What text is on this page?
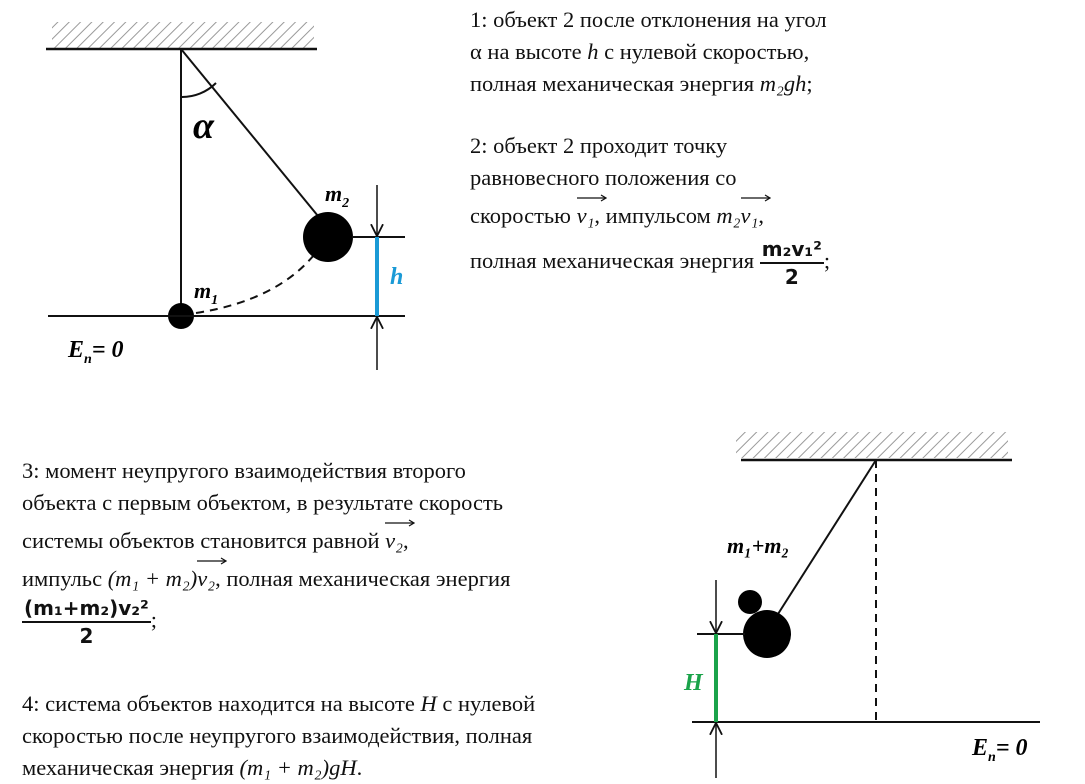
α
$m_2$
$m_1$
h
$E_п= 0$
m₁+m₂
H
$E_п= 0$

1: объект 2 после отклонения на угол

α на высоте h с нулевой скоростью,

полная механическая энергия m₂gh;

2: объект 2 проходит точку

равновесного положения со

скоростью
v₁, импульсом m₂
v₁,

полная механическая энергия $\frac{\text{m₂v₁²}}{2}$ ;

3: момент неупругого взаимодействия второго

объекта с первым объектом, в результате скорость

системы объектов становится равной
v₂,

импульс (m₁ + m₂)
v₂, полная механическая энергия

$\frac{\text{(m₁+m₂)v₂²}}{2}$ ;

4: система объектов находится на высоте H с нулевой

скоростью после неупругого взаимодействия, полная

механическая энергия (m₁ + m₂)gH.
